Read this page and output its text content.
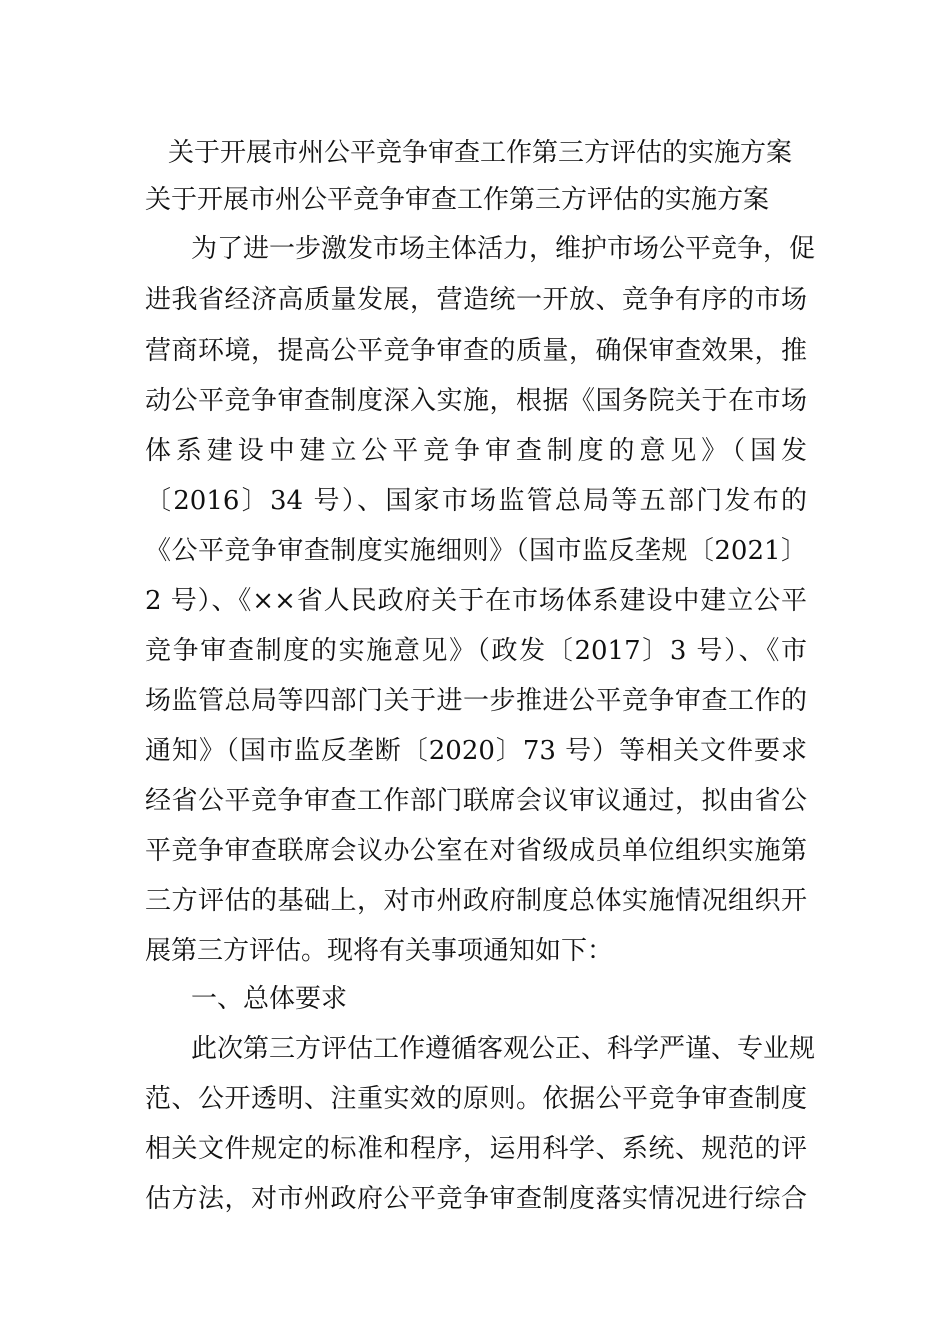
关于开展市州公平竞争审查工作第三方评估的实施方案

关于开展市州公平竞争审查工作第三方评估的实施方案

为了进一步激发市场主体活力，维护市场公平竞争，促

进我省经济高质量发展，营造统一开放、竞争有序的市场

营商环境，提高公平竞争审查的质量，确保审查效果，推

动公平竞争审查制度深入实施，根据《国务院关于在市场

体系建设中建立公平竞争审查制度的意见》（国发

〔2016〕34 号）、国家市场监管总局等五部门发布的

《公平竞争审查制度实施细则》（国市监反垄规〔2021〕

2 号）、《××省人民政府关于在市场体系建设中建立公平

竞争审查制度的实施意见》（政发〔2017〕3 号）、《市

场监管总局等四部门关于进一步推进公平竞争审查工作的

通知》（国市监反垄断〔2020〕73 号）等相关文件要求

经省公平竞争审查工作部门联席会议审议通过，拟由省公

平竞争审查联席会议办公室在对省级成员单位组织实施第

三方评估的基础上，对市州政府制度总体实施情况组织开

展第三方评估。现将有关事项通知如下：

一、总体要求

此次第三方评估工作遵循客观公正、科学严谨、专业规

范、公开透明、注重实效的原则。依据公平竞争审查制度

相关文件规定的标准和程序，运用科学、系统、规范的评

估方法，对市州政府公平竞争审查制度落实情况进行综合
